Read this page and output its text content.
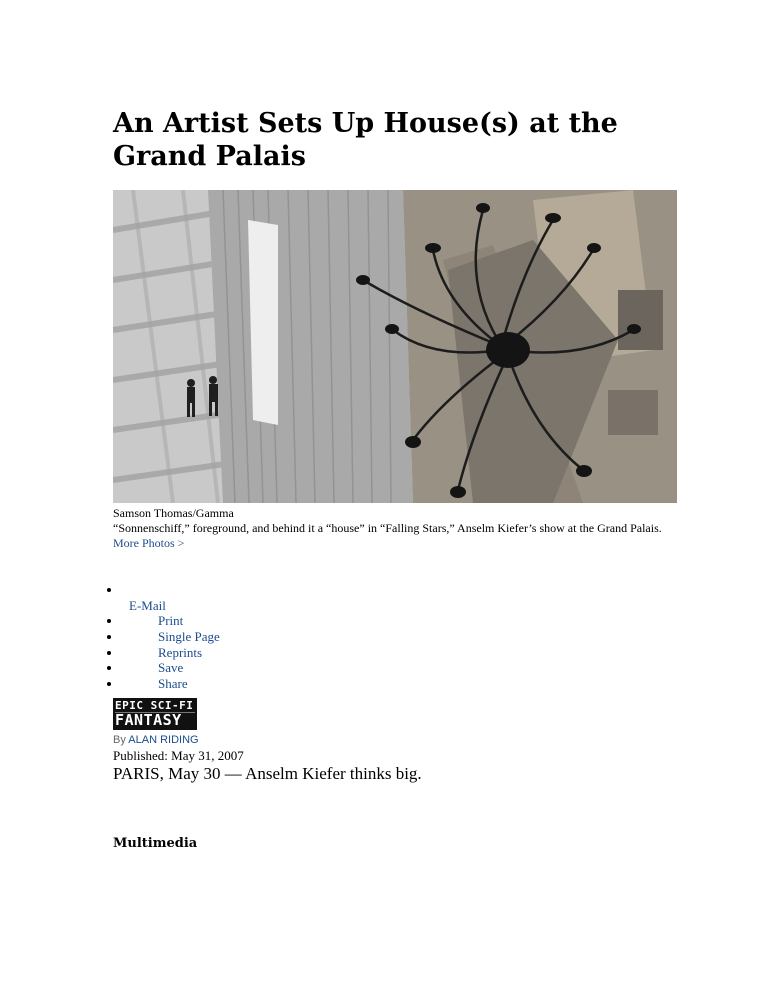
An Artist Sets Up House(s) at the Grand Palais
Samson Thomas/Gamma
“Sonnenschiff,” foreground, and behind it a “house” in “Falling Stars,” Anselm Kiefer’s show at the Grand Palais. More Photos >
E-Mail
Print
Single Page
Reprints
Save
Share
EPIC SCI-FI
FANTASY
By ALAN RIDING
Published: May 31, 2007
PARIS, May 30 — Anselm Kiefer thinks big.
Multimedia
